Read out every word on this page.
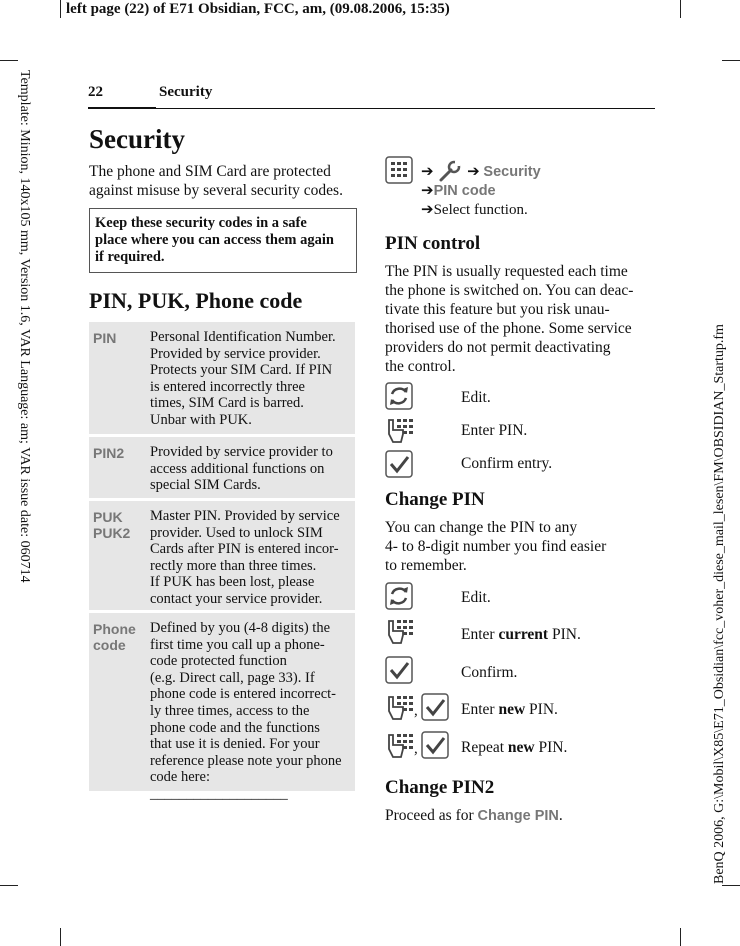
left page (22) of E71 Obsidian, FCC, am, (09.08.2006, 15:35)
Template: Minion, 140x105 mm, Version 1.6, VAR Language: am; VAR issue date: 060714	BenQ 2006, G:\Mobil\X85\E71_Obsidian\fcc_voher_diese_mail_lesen\FM\OBSIDIAN_Startup.fm
22	Security
Security
The phone and SIM Card are protected
against misuse by several security codes.
Keep these security codes in a safe
place where you can access them again
if required.
PIN, PUK, Phone code
PIN Personal Identification Number.
Provided by service provider.
Protects your SIM Card. If PIN
is entered incorrectly three
times, SIM Card is barred.
Unbar with PUK.
PIN2 Provided by service provider to
access additional functions on
special SIM Cards.
PUK
PUK2
Master PIN. Provided by service
provider. Used to unlock SIM
Cards after PIN is entered incor-
rectly more than three times.
If PUK has been lost, please
contact your service provider.
Phone
code
Defined by you (4-8 digits) the
first time you call up a phone-
code protected function
(e.g. Direct call, page 33). If
phone code is entered incorrect-
ly three times, access to the
phone code and the functions
that use it is denied. For your
reference please note your phone
code here: ___________________
➔ ➔ Security
➔PIN code
➔Select function.
PIN control
The PIN is usually requested each time
the phone is switched on. You can deac-
tivate this feature but you risk unau-
thorised use of the phone. Some service
providers do not permit deactivating
the control.
Edit.
Enter PIN.
Confirm entry.
Change PIN
You can change the PIN to any
4- to 8-digit number you find easier
to remember.
Edit.
Enter current PIN.
Confirm.
,	Enter new PIN.
,	Repeat new PIN.
Change PIN2
Proceed as for Change PIN.
